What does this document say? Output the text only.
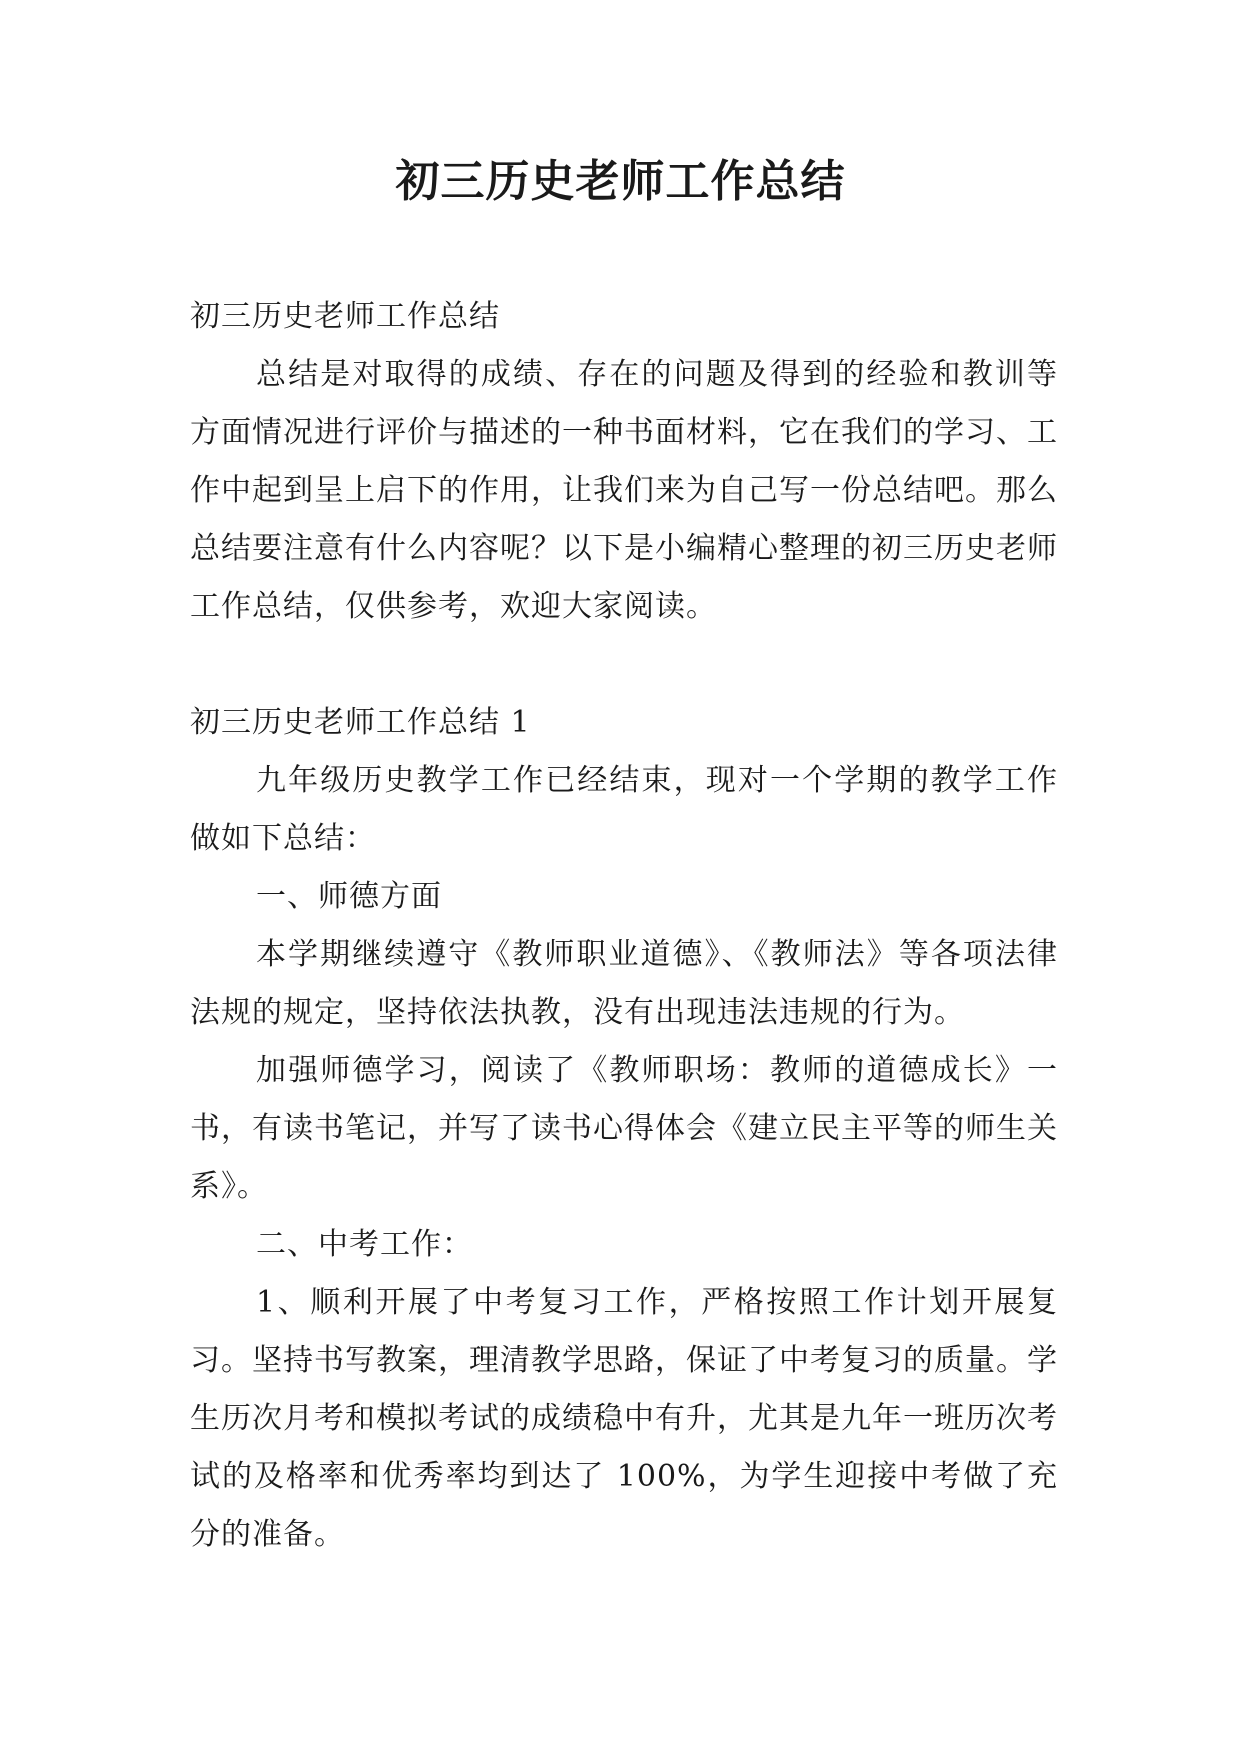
初三历史老师工作总结

初三历史老师工作总结

总结是对取得的成绩、存在的问题及得到的经验和教训等方面情况进行评价与描述的一种书面材料，它在我们的学习、工作中起到呈上启下的作用，让我们来为自己写一份总结吧。那么总结要注意有什么内容呢？以下是小编精心整理的初三历史老师工作总结，仅供参考，欢迎大家阅读。

初三历史老师工作总结 1

九年级历史教学工作已经结束，现对一个学期的教学工作做如下总结：

一、师德方面

本学期继续遵守《教师职业道德》、《教师法》等各项法律法规的规定，坚持依法执教，没有出现违法违规的行为。

加强师德学习，阅读了《教师职场：教师的道德成长》一书，有读书笔记，并写了读书心得体会《建立民主平等的师生关系》。

二、中考工作：

1、顺利开展了中考复习工作，严格按照工作计划开展复习。坚持书写教案，理清教学思路，保证了中考复习的质量。学生历次月考和模拟考试的成绩稳中有升，尤其是九年一班历次考试的及格率和优秀率均到达了 100%，为学生迎接中考做了充分的准备。
